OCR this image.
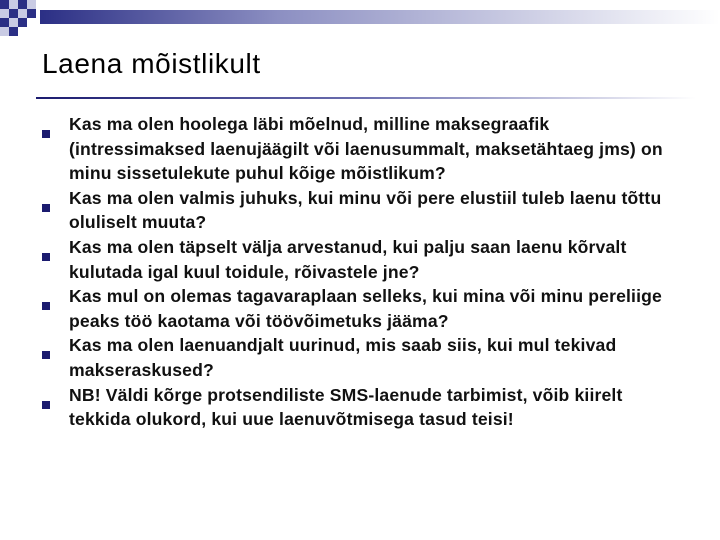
Laena mõistlikult
Kas ma olen hoolega läbi mõelnud, milline maksegraafik (intressimaksed laenujäägilt või laenusummalt, maksetähtaeg jms) on minu sissetulekute puhul kõige mõistlikum?
Kas ma olen valmis juhuks, kui minu või pere elustiil tuleb laenu tõttu oluliselt muuta?
Kas ma olen täpselt välja arvestanud, kui palju saan laenu kõrvalt kulutada igal kuul toidule, rõivastele jne?
Kas mul on olemas tagavaraplaan selleks, kui mina või minu pereliige peaks töö kaotama või töövõimetuks jääma?
Kas ma olen laenuandjalt uurinud, mis saab siis, kui mul tekivad makseraskused?
NB! Väldi kõrge protsendiliste SMS-laenude tarbimist, võib kiirelt tekkida olukord, kui uue laenuvõtmisega tasud teisi!
